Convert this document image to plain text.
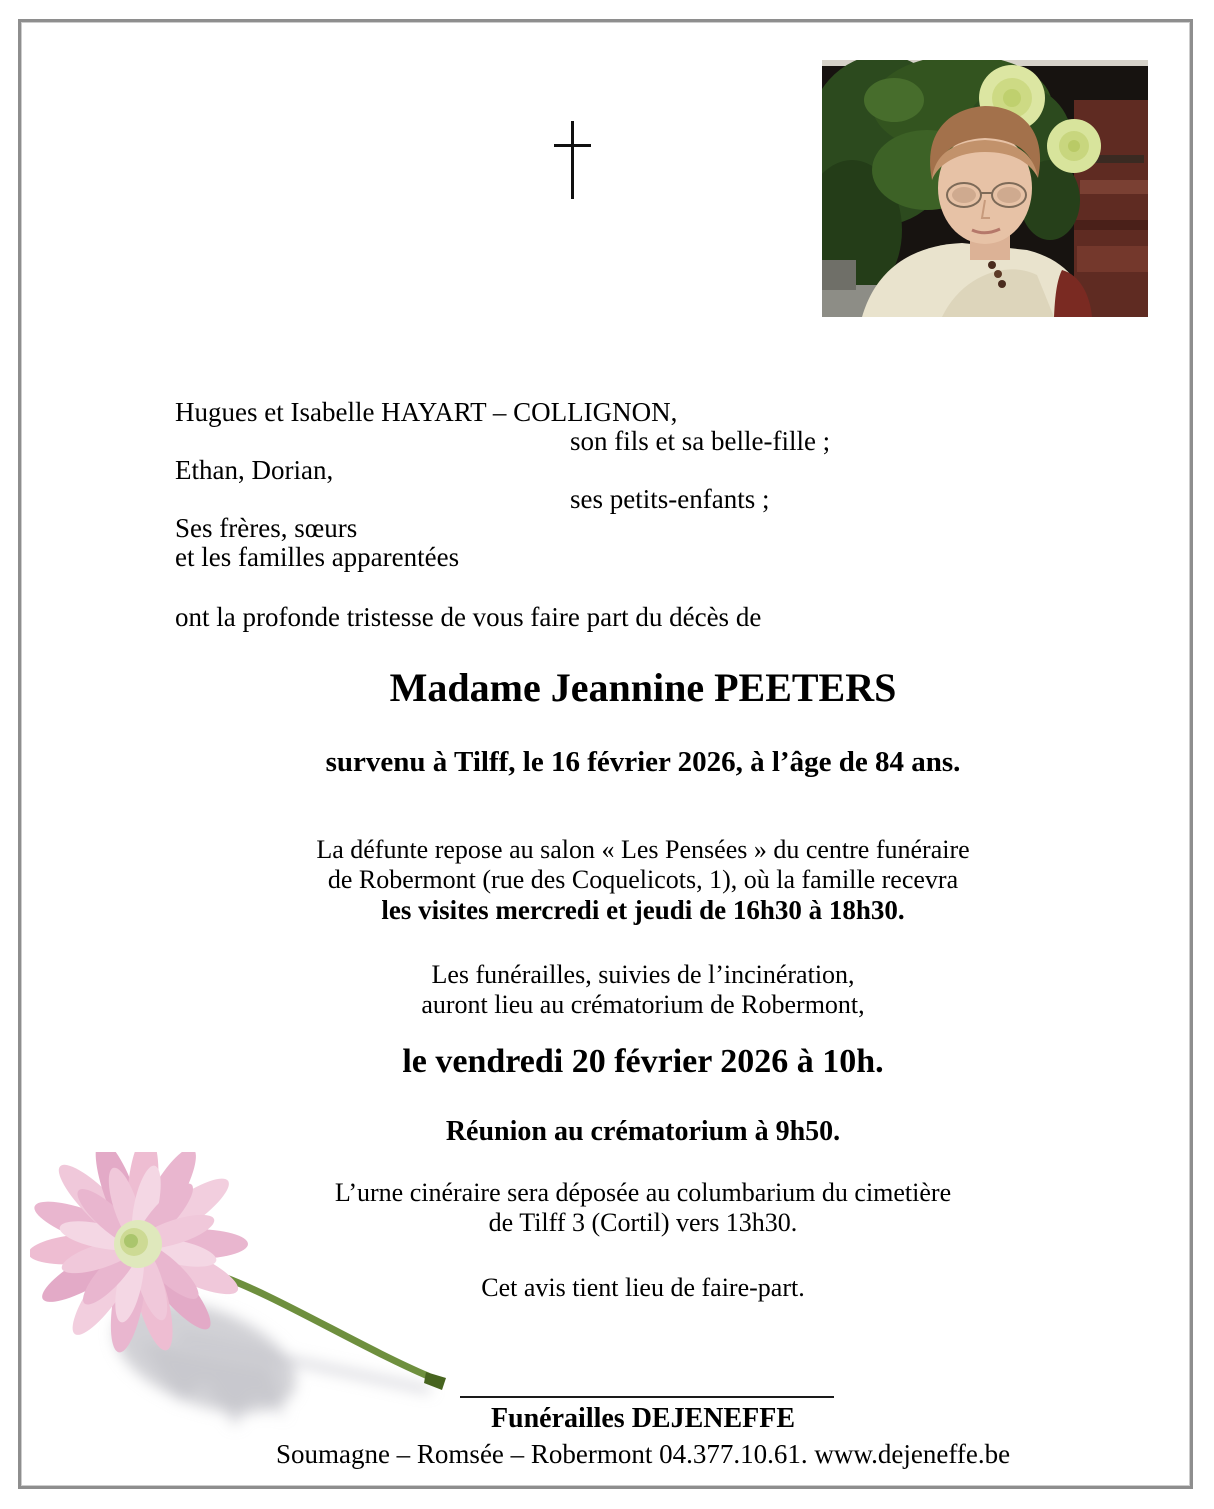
Hugues et Isabelle HAYART – COLLIGNON,
son fils et sa belle-fille ;
Ethan, Dorian,
ses petits-enfants ;
Ses frères, sœurs
et les familles apparentées
ont la profonde tristesse de vous faire part du décès de
Madame Jeannine PEETERS
survenu à Tilff, le 16 février 2026, à l’âge de 84 ans.
La défunte repose au salon « Les Pensées » du centre funéraire
de Robermont (rue des Coquelicots, 1), où la famille recevra
les visites mercredi et jeudi de 16h30 à 18h30.
Les funérailles, suivies de l’incinération,
auront lieu au crématorium de Robermont,
le vendredi 20 février 2026 à 10h.
Réunion au crématorium à 9h50.
L’urne cinéraire sera déposée au columbarium du cimetière
de Tilff 3 (Cortil) vers 13h30.
Cet avis tient lieu de faire-part.
Funérailles DEJENEFFE
Soumagne – Romsée – Robermont 04.377.10.61. www.dejeneffe.be
